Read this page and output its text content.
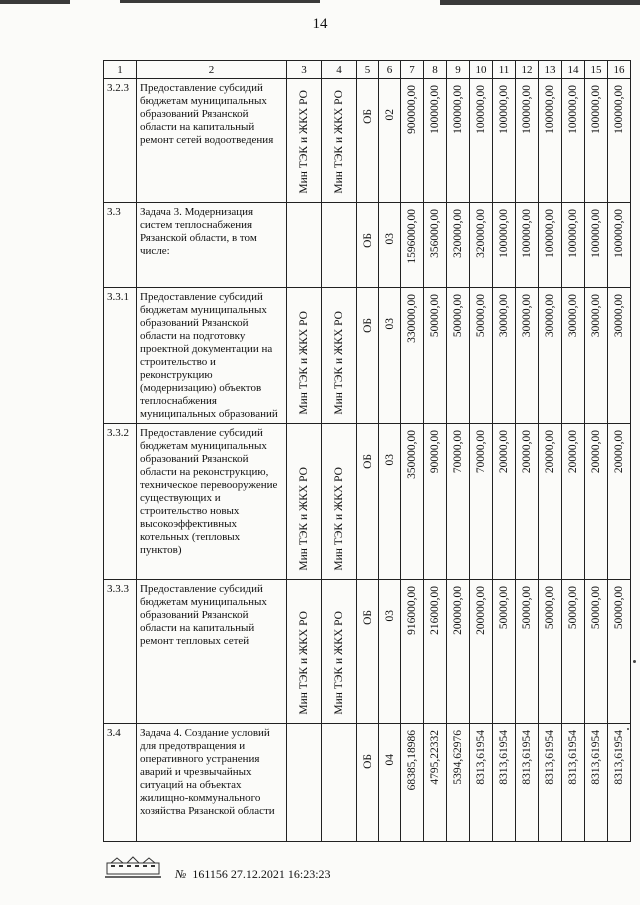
14
1	2	3	4	5	6	7	8	9	10	11	12	13	14	15	16
3.2.3	Предоставление субсидий бюджетам муниципальных образований Рязанской области на капитальный ремонт сетей водоотведения	Мин ТЭК и ЖКХ РО	Мин ТЭК и ЖКХ РО	ОБ	02	900000,00	100000,00	100000,00	100000,00	100000,00	100000,00	100000,00	100000,00	100000,00	100000,00

3.3	Задача 3. Модернизация систем теплоснабжения Рязанской области, в том числе:			ОБ	03	1596000,00	356000,00	320000,00	320000,00	100000,00	100000,00	100000,00	100000,00	100000,00	100000,00

3.3.1	Предоставление субсидий бюджетам муниципальных образований Рязанской области на подготовку проектной документации на строительство и реконструкцию (модернизацию) объектов теплоснабжения муниципальных образований	Мин ТЭК и ЖКХ РО	Мин ТЭК и ЖКХ РО	ОБ	03	330000,00	50000,00	50000,00	50000,00	30000,00	30000,00	30000,00	30000,00	30000,00	30000,00

3.3.2	Предоставление субсидий бюджетам муниципальных образований Рязанской области на реконструкцию, техническое перевооружение существующих и строительство новых высокоэффективных котельных (тепловых пунктов)	Мин ТЭК и ЖКХ РО	Мин ТЭК и ЖКХ РО	ОБ	03	350000,00	90000,00	70000,00	70000,00	20000,00	20000,00	20000,00	20000,00	20000,00	20000,00

3.3.3	Предоставление субсидий бюджетам муниципальных образований Рязанской области на капитальный ремонт тепловых сетей	Мин ТЭК и ЖКХ РО	Мин ТЭК и ЖКХ РО	ОБ	03	916000,00	216000,00	200000,00	200000,00	50000,00	50000,00	50000,00	50000,00	50000,00	50000,00

3.4	Задача 4. Создание условий для предотвращения и оперативного устранения аварий и чрезвычайных ситуаций на объектах жилищно-коммунального хозяйства Рязанской области			ОБ	04	68385,18986	4795,22332	5394,62976	8313,61954	8313,61954	8313,61954	8313,61954	8313,61954	8313,61954	8313,61954
№ 161156 27.12.2021 16:23:23
